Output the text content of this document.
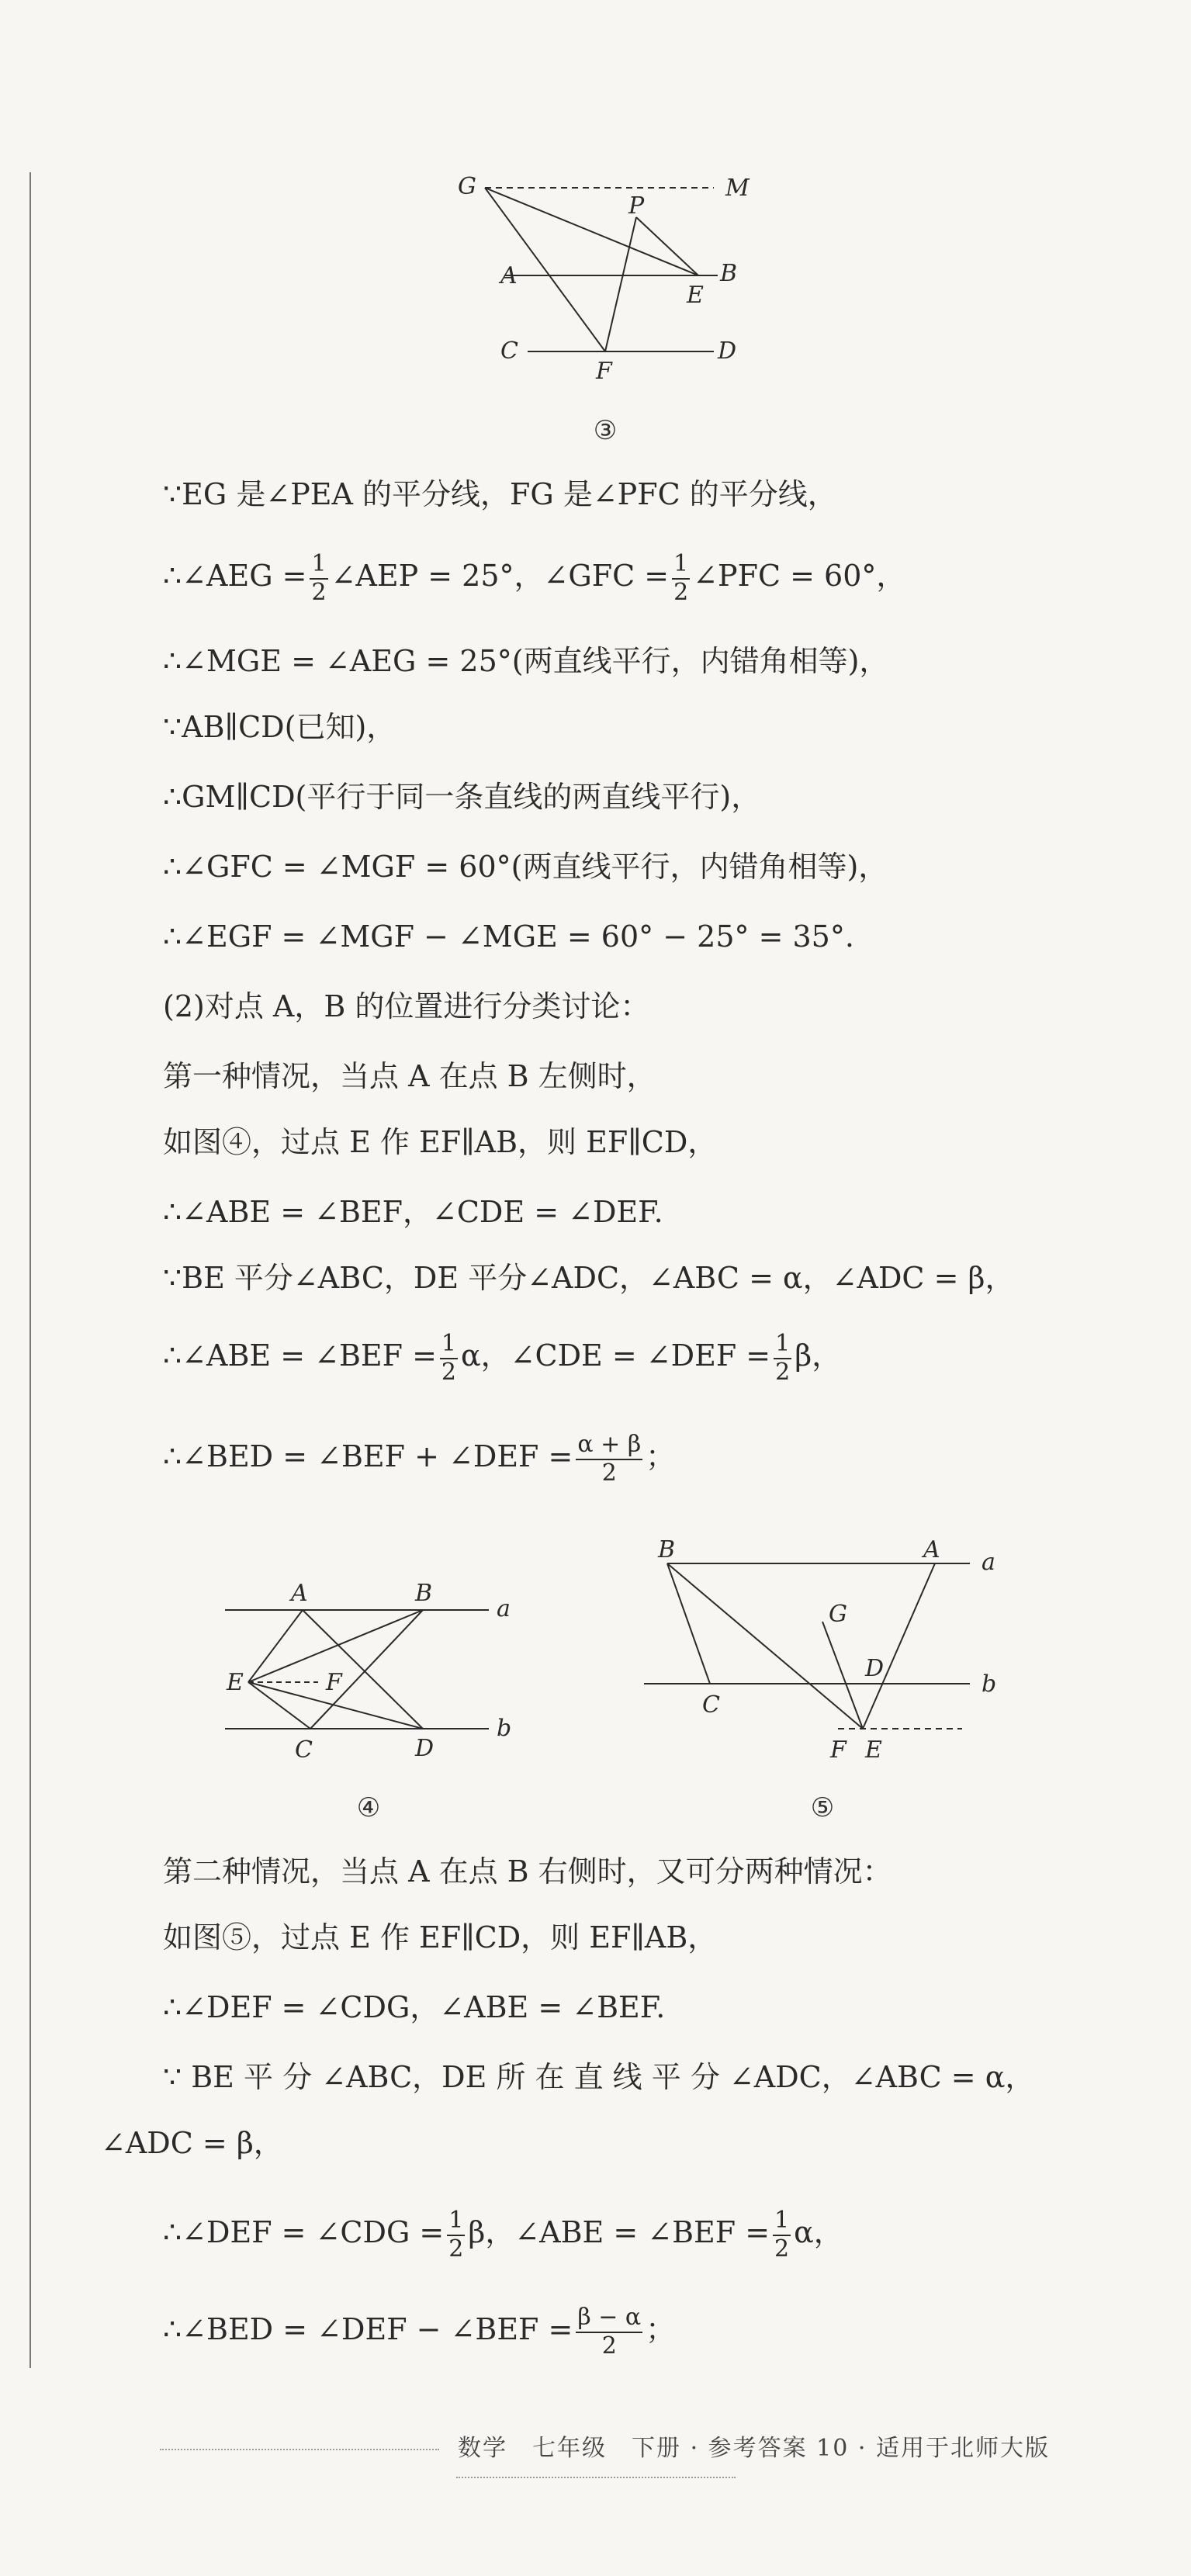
G	M
P
A
E
B
C
F
D
③
∵EG 是∠PEA 的平分线，FG 是∠PFC 的平分线，
∴∠AEG = $\frac{1}{2}$ ∠AEP = 25°，∠GFC = $\frac{1}{2}$ ∠PFC = 60°，
∴∠MGE = ∠AEG = 25°(两直线平行，内错角相等)，
∵AB∥CD(已知)，
∴GM∥CD(平行于同一条直线的两直线平行)，
∴∠GFC = ∠MGF = 60°(两直线平行，内错角相等)，
∴∠EGF = ∠MGF − ∠MGE = 60° − 25° = 35°.
(2)对点 A，B 的位置进行分类讨论：
第一种情况，当点 A 在点 B 左侧时，
如图④，过点 E 作 EF∥AB，则 EF∥CD，
∴∠ABE = ∠BEF，∠CDE = ∠DEF.
∵BE 平分∠ABC，DE 平分∠ADC，∠ABC = α，∠ADC = β，
∴∠ABE = ∠BEF = $\frac{1}{2}$ α，∠CDE = ∠DEF = $\frac{1}{2}$ β，
∴∠BED = ∠BEF + ∠DEF = $\frac{\alpha + \beta}{2}$ ；
A	B
a
E	F
C	D
b
④
B	A a
G
D
b
C
F E
⑤
第二种情况，当点 A 在点 B 右侧时，又可分两种情况：
如图⑤，过点 E 作 EF∥CD，则 EF∥AB，
∴∠DEF = ∠CDG，∠ABE = ∠BEF.
∵ BE 平 分 ∠ABC，DE 所 在 直 线 平 分 ∠ADC，∠ABC = α，
∠ADC = β，
∴∠DEF = ∠CDG = $\frac{1}{2}$ β，∠ABE = ∠BEF = $\frac{1}{2}$ α，
∴∠BED = ∠DEF − ∠BEF = $\frac{\beta - \alpha}{2}$ ；
数学　七年级　下册 · 参考答案 10 · 适用于北师大版
